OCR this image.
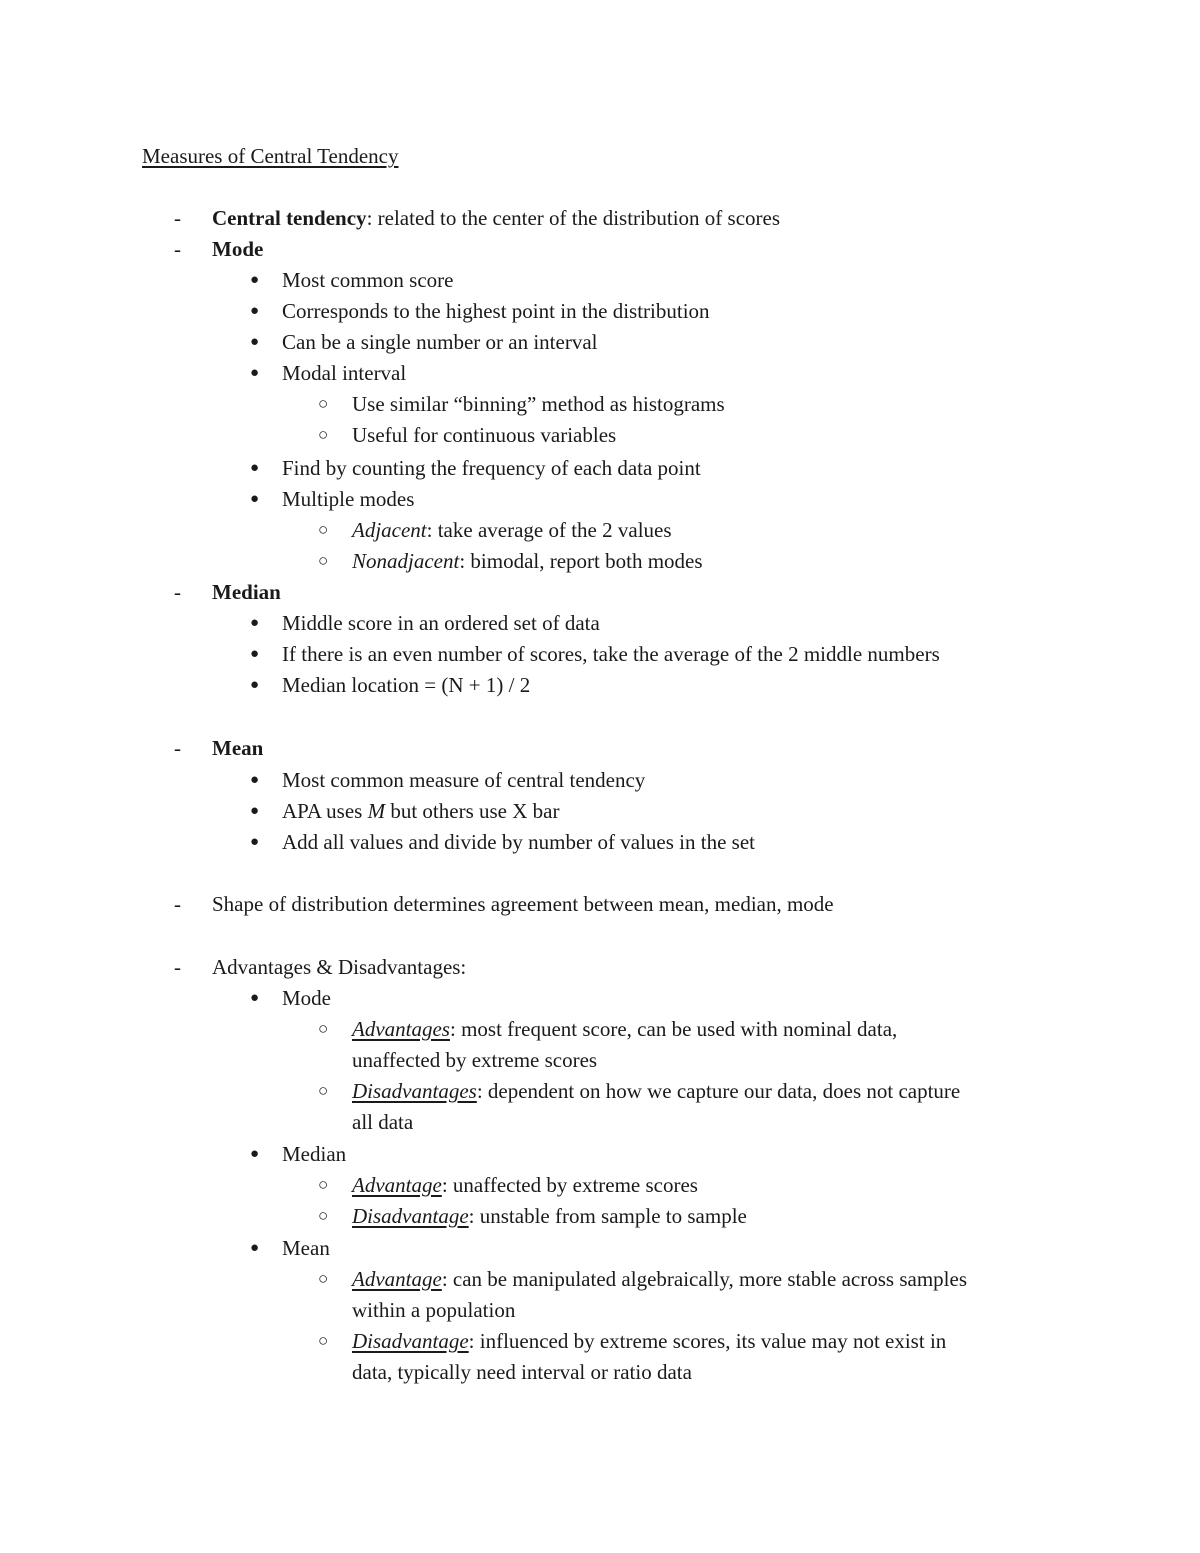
Measures of Central Tendency
-	Central tendency: related to the center of the distribution of scores
-	Mode
● Most common score
● Corresponds to the highest point in the distribution
● Can be a single number or an interval
● Modal interval
○ Use similar “binning” method as histograms
○ Useful for continuous variables
● Find by counting the frequency of each data point
● Multiple modes
○ Adjacent: take average of the 2 values
○ Nonadjacent: bimodal, report both modes
-	Median
● Middle score in an ordered set of data
● If there is an even number of scores, take the average of the 2 middle numbers
● Median location = (N + 1) / 2
-	Mean
● Most common measure of central tendency
● APA uses M but others use X bar
● Add all values and divide by number of values in the set
-	Shape of distribution determines agreement between mean, median, mode
-	Advantages & Disadvantages:
● Mode
○ Advantages: most frequent score, can be used with nominal data,
unaffected by extreme scores
○ Disadvantages: dependent on how we capture our data, does not capture
all data
● Median
○ Advantage: unaffected by extreme scores
○ Disadvantage: unstable from sample to sample
● Mean
○ Advantage: can be manipulated algebraically, more stable across samples
within a population
○ Disadvantage: influenced by extreme scores, its value may not exist in
data, typically need interval or ratio data
